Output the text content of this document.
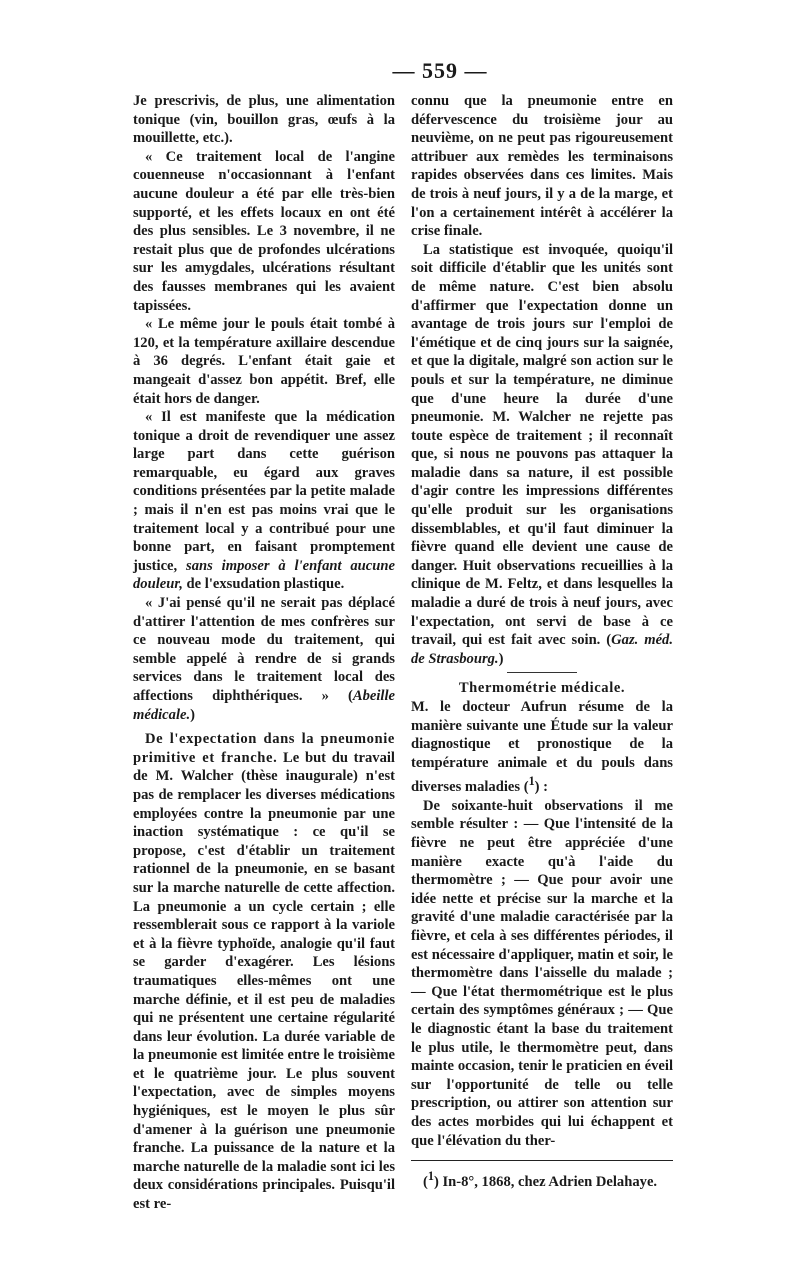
— 559 —

Je prescrivis, de plus, une alimentation tonique (vin, bouillon gras, œufs à la mouillette, etc.).

« Ce traitement local de l'angine couenneuse n'occasionnant à l'enfant aucune douleur a été par elle très-bien supporté, et les effets locaux en ont été des plus sensibles. Le 3 novembre, il ne restait plus que de profondes ulcérations sur les amygdales, ulcérations résultant des fausses membranes qui les avaient tapissées.

« Le même jour le pouls était tombé à 120, et la température axillaire descendue à 36 degrés. L'enfant était gaie et mangeait d'assez bon appétit. Bref, elle était hors de danger.

« Il est manifeste que la médication tonique a droit de revendiquer une assez large part dans cette guérison remarquable, eu égard aux graves conditions présentées par la petite malade ; mais il n'en est pas moins vrai que le traitement local y a contribué pour une bonne part, en faisant promptement justice, sans imposer à l'enfant aucune douleur, de l'exsudation plastique.

« J'ai pensé qu'il ne serait pas déplacé d'attirer l'attention de mes confrères sur ce nouveau mode du traitement, qui semble appelé à rendre de si grands services dans le traitement local des affections diphthériques. » (Abeille médicale.)

De l'expectation dans la pneumonie primitive et franche. Le but du travail de M. Walcher (thèse inaugurale) n'est pas de remplacer les diverses médications employées contre la pneumonie par une inaction systématique : ce qu'il se propose, c'est d'établir un traitement rationnel de la pneumonie, en se basant sur la marche naturelle de cette affection. La pneumonie a un cycle certain ; elle ressemblerait sous ce rapport à la variole et à la fièvre typhoïde, analogie qu'il faut se garder d'exagérer. Les lésions traumatiques elles-mêmes ont une marche définie, et il est peu de maladies qui ne présentent une certaine régularité dans leur évolution. La durée variable de la pneumonie est limitée entre le troisième et le quatrième jour. Le plus souvent l'expectation, avec de simples moyens hygiéniques, est le moyen le plus sûr d'amener à la guérison une pneumonie franche. La puissance de la nature et la marche naturelle de la maladie sont ici les deux considérations principales. Puisqu'il est re-

connu que la pneumonie entre en défervescence du troisième jour au neuvième, on ne peut pas rigoureusement attribuer aux remèdes les terminaisons rapides observées dans ces limites. Mais de trois à neuf jours, il y a de la marge, et l'on a certainement intérêt à accélérer la crise finale.

La statistique est invoquée, quoiqu'il soit difficile d'établir que les unités sont de même nature. C'est bien absolu d'affirmer que l'expectation donne un avantage de trois jours sur l'emploi de l'émétique et de cinq jours sur la saignée, et que la digitale, malgré son action sur le pouls et sur la température, ne diminue que d'une heure la durée d'une pneumonie. M. Walcher ne rejette pas toute espèce de traitement ; il reconnaît que, si nous ne pouvons pas attaquer la maladie dans sa nature, il est possible d'agir contre les impressions différentes qu'elle produit sur les organisations dissemblables, et qu'il faut diminuer la fièvre quand elle devient une cause de danger. Huit observations recueillies à la clinique de M. Feltz, et dans lesquelles la maladie a duré de trois à neuf jours, avec l'expectation, ont servi de base à ce travail, qui est fait avec soin. (Gaz. méd. de Strasbourg.)

Thermométrie médicale.

M. le docteur Aufrun résume de la manière suivante une Étude sur la valeur diagnostique et pronostique de la température animale et du pouls dans diverses maladies ($^1$) :

De soixante-huit observations il me semble résulter : — Que l'intensité de la fièvre ne peut être appréciée d'une manière exacte qu'à l'aide du thermomètre ; — Que pour avoir une idée nette et précise sur la marche et la gravité d'une maladie caractérisée par la fièvre, et cela à ses différentes périodes, il est nécessaire d'appliquer, matin et soir, le thermomètre dans l'aisselle du malade ; — Que l'état thermométrique est le plus certain des symptômes généraux ; — Que le diagnostic étant la base du traitement le plus utile, le thermomètre peut, dans mainte occasion, tenir le praticien en éveil sur l'opportunité de telle ou telle prescription, ou attirer son attention sur des actes morbides qui lui échappent et que l'élévation du ther-

($^1$) In-8°, 1868, chez Adrien Delahaye.
